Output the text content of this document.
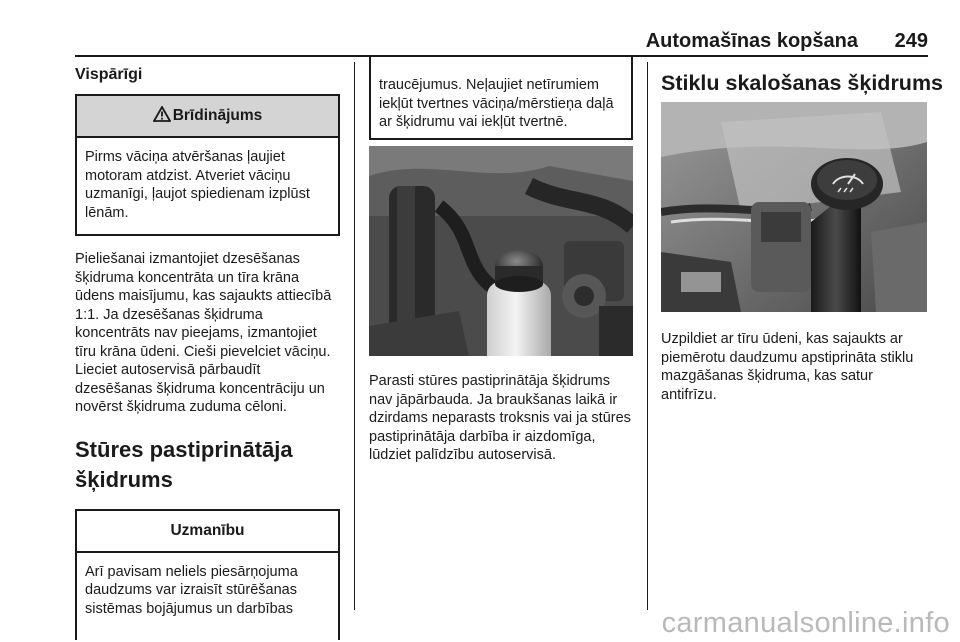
Automašīnas kopšana 249
Vispārīgi
Brīdinājums

Pirms vāciņa atvēršanas ļaujiet motoram atdzist. Atveriet vāciņu uzmanīgi, ļaujot spiedienam izplūst lēnām.

Pieliešanai izmantojiet dzesēšanas šķidruma koncentrāta un tīra krāna ūdens maisījumu, kas sajaukts attiecībā 1:1. Ja dzesēšanas šķidruma koncentrāts nav pieejams, izmantojiet tīru krāna ūdeni. Cieši pievelciet vāciņu. Lieciet autoservisā pārbaudīt dzesēšanas šķidruma koncentrāciju un novērst šķidruma zuduma cēloni.

Stūres pastiprinātāja šķidrums
Uzmanību

Arī pavisam neliels piesārņojuma daudzums var izraisīt stūrēšanas sistēmas bojājumus un darbības

traucējumus. Neļaujiet netīrumiem iekļūt tvertnes vāciņa/mērstieņa daļā ar šķidrumu vai iekļūt tvertnē.

Parasti stūres pastiprinātāja šķidrums nav jāpārbauda. Ja braukšanas laikā ir dzirdams neparasts troksnis vai ja stūres pastiprinātāja darbība ir aizdomīga, lūdziet palīdzību autoservisā.

Stiklu skalošanas šķidrums

Uzpildiet ar tīru ūdeni, kas sajaukts ar piemērotu daudzumu apstiprināta stiklu mazgāšanas šķidruma, kas satur antifrīzu.

carmanualsonline.info
